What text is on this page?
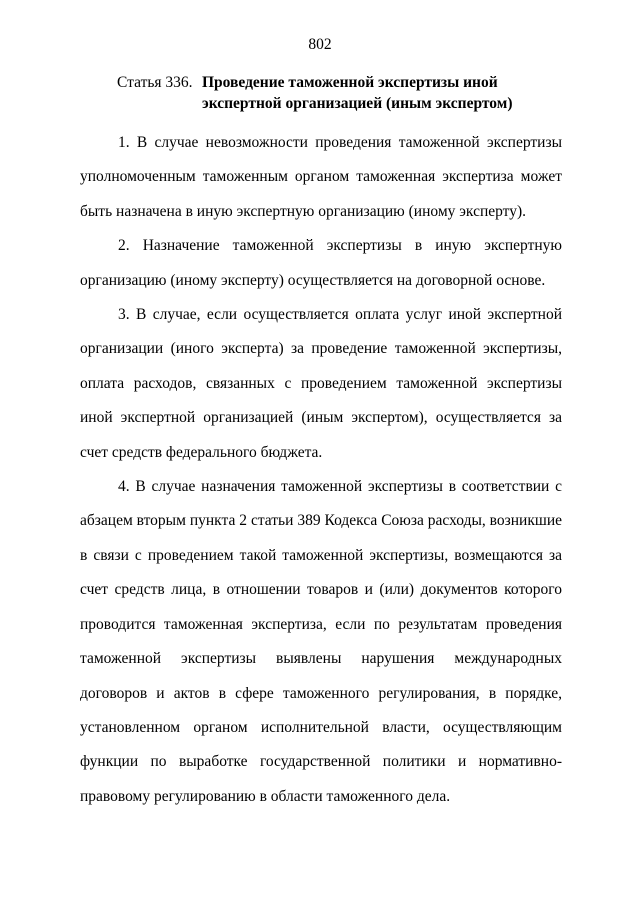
802
Статья 336. Проведение таможенной экспертизы иной экспертной организацией (иным экспертом)

1. В случае невозможности проведения таможенной экспертизы уполномоченным таможенным органом таможенная экспертиза может быть назначена в иную экспертную организацию (иному эксперту).

2. Назначение таможенной экспертизы в иную экспертную организацию (иному эксперту) осуществляется на договорной основе.

3. В случае, если осуществляется оплата услуг иной экспертной организации (иного эксперта) за проведение таможенной экспертизы, оплата расходов, связанных с проведением таможенной экспертизы иной экспертной организацией (иным экспертом), осуществляется за счет средств федерального бюджета.

4. В случае назначения таможенной экспертизы в соответствии с абзацем вторым пункта 2 статьи 389 Кодекса Союза расходы, возникшие в связи с проведением такой таможенной экспертизы, возмещаются за счет средств лица, в отношении товаров и (или) документов которого проводится таможенная экспертиза, если по результатам проведения таможенной экспертизы выявлены нарушения международных договоров и актов в сфере таможенного регулирования, в порядке, установленном органом исполнительной власти, осуществляющим функции по выработке государственной политики и нормативно-правовому регулированию в области таможенного дела.
